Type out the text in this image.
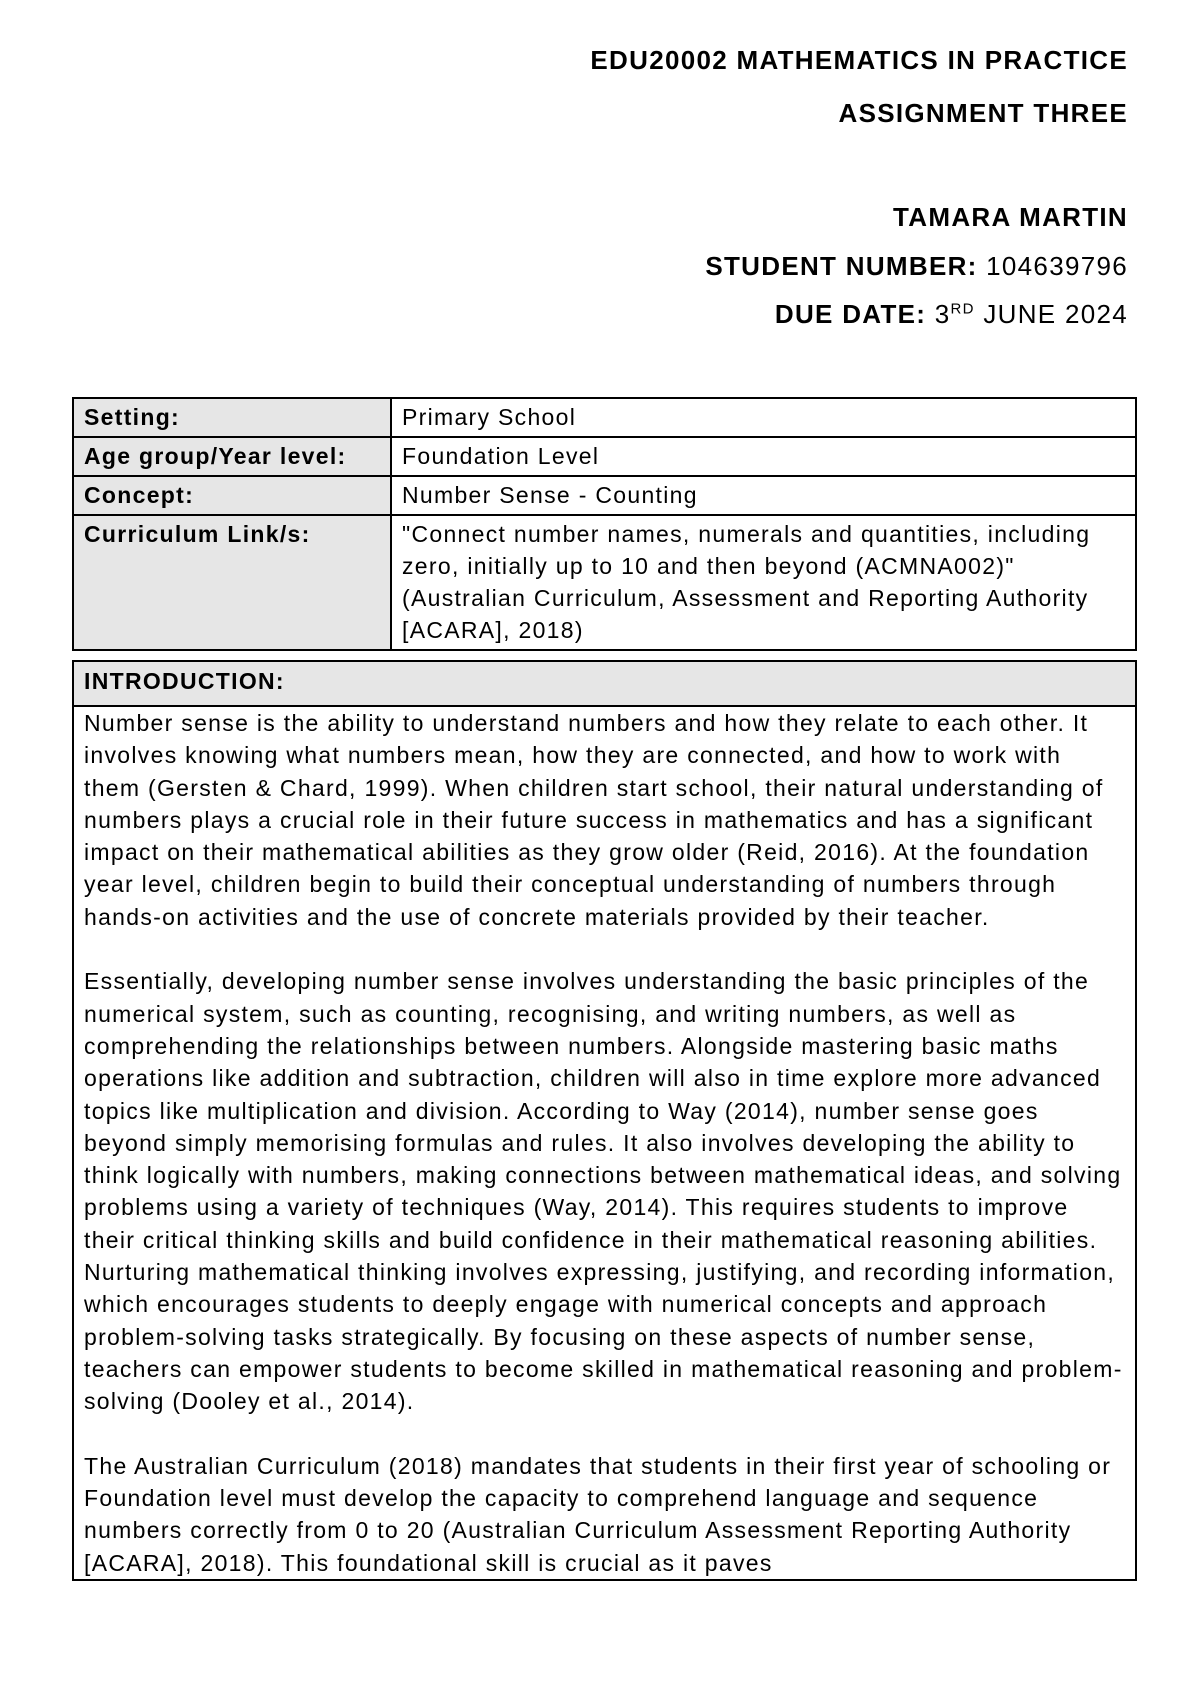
EDU20002 MATHEMATICS IN PRACTICE
ASSIGNMENT THREE
TAMARA MARTIN
STUDENT NUMBER: 104639796
DUE DATE: 3RD JUNE 2024
Setting:	Primary School
Age group/Year level:	Foundation Level
Concept:	Number Sense - Counting
Curriculum Link/s:	"Connect number names, numerals and quantities, including zero, initially up to 10 and then beyond (ACMNA002)" (Australian Curriculum, Assessment and Reporting Authority [ACARA], 2018)
INTRODUCTION:

Number sense is the ability to understand numbers and how they relate to each other. It involves knowing what numbers mean, how they are connected, and how to work with them (Gersten & Chard, 1999). When children start school, their natural understanding of numbers plays a crucial role in their future success in mathematics and has a significant impact on their mathematical abilities as they grow older (Reid, 2016). At the foundation year level, children begin to build their conceptual understanding of numbers through hands-on activities and the use of concrete materials provided by their teacher.

Essentially, developing number sense involves understanding the basic principles of the numerical system, such as counting, recognising, and writing numbers, as well as comprehending the relationships between numbers. Alongside mastering basic maths operations like addition and subtraction, children will also in time explore more advanced topics like multiplication and division. According to Way (2014), number sense goes beyond simply memorising formulas and rules. It also involves developing the ability to think logically with numbers, making connections between mathematical ideas, and solving problems using a variety of techniques (Way, 2014). This requires students to improve their critical thinking skills and build confidence in their mathematical reasoning abilities. Nurturing mathematical thinking involves expressing, justifying, and recording information, which encourages students to deeply engage with numerical concepts and approach problem-solving tasks strategically. By focusing on these aspects of number sense, teachers can empower students to become skilled in mathematical reasoning and problem-solving (Dooley et al., 2014).

The Australian Curriculum (2018) mandates that students in their first year of schooling or Foundation level must develop the capacity to comprehend language and sequence numbers correctly from 0 to 20 (Australian Curriculum Assessment Reporting Authority [ACARA], 2018). This foundational skill is crucial as it paves
